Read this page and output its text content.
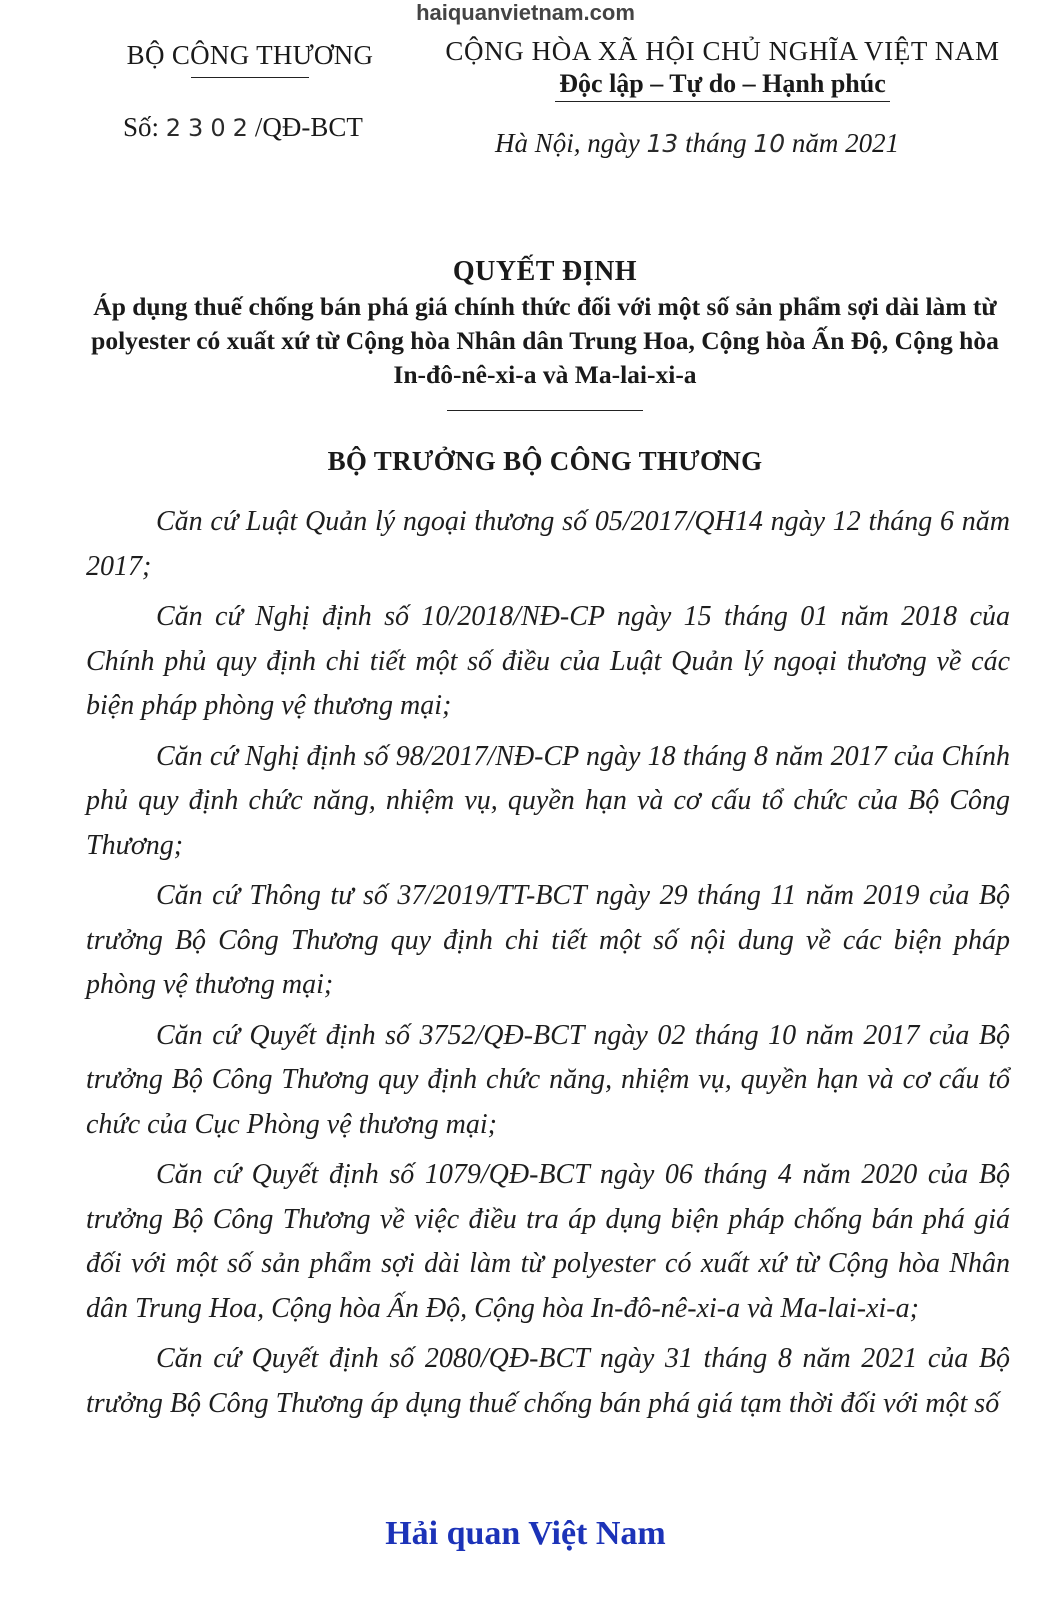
haiquanvietnam.com
BỘ CÔNG THƯƠNG
Số: 2302/QĐ-BCT
CỘNG HÒA XÃ HỘI CHỦ NGHĨA VIỆT NAM
Độc lập – Tự do – Hạnh phúc
Hà Nội, ngày 13 tháng 10 năm 2021
QUYẾT ĐỊNH
Áp dụng thuế chống bán phá giá chính thức đối với một số sản phẩm sợi dài làm từ polyester có xuất xứ từ Cộng hòa Nhân dân Trung Hoa, Cộng hòa Ấn Độ, Cộng hòa In-đô-nê-xi-a và Ma-lai-xi-a
BỘ TRƯỞNG BỘ CÔNG THƯƠNG

Căn cứ Luật Quản lý ngoại thương số 05/2017/QH14 ngày 12 tháng 6 năm 2017;

Căn cứ Nghị định số 10/2018/NĐ-CP ngày 15 tháng 01 năm 2018 của Chính phủ quy định chi tiết một số điều của Luật Quản lý ngoại thương về các biện pháp phòng vệ thương mại;

Căn cứ Nghị định số 98/2017/NĐ-CP ngày 18 tháng 8 năm 2017 của Chính phủ quy định chức năng, nhiệm vụ, quyền hạn và cơ cấu tổ chức của Bộ Công Thương;

Căn cứ Thông tư số 37/2019/TT-BCT ngày 29 tháng 11 năm 2019 của Bộ trưởng Bộ Công Thương quy định chi tiết một số nội dung về các biện pháp phòng vệ thương mại;

Căn cứ Quyết định số 3752/QĐ-BCT ngày 02 tháng 10 năm 2017 của Bộ trưởng Bộ Công Thương quy định chức năng, nhiệm vụ, quyền hạn và cơ cấu tổ chức của Cục Phòng vệ thương mại;

Căn cứ Quyết định số 1079/QĐ-BCT ngày 06 tháng 4 năm 2020 của Bộ trưởng Bộ Công Thương về việc điều tra áp dụng biện pháp chống bán phá giá đối với một số sản phẩm sợi dài làm từ polyester có xuất xứ từ Cộng hòa Nhân dân Trung Hoa, Cộng hòa Ấn Độ, Cộng hòa In-đô-nê-xi-a và Ma-lai-xi-a;

Căn cứ Quyết định số 2080/QĐ-BCT ngày 31 tháng 8 năm 2021 của Bộ trưởng Bộ Công Thương áp dụng thuế chống bán phá giá tạm thời đối với một số

Hải quan Việt Nam
